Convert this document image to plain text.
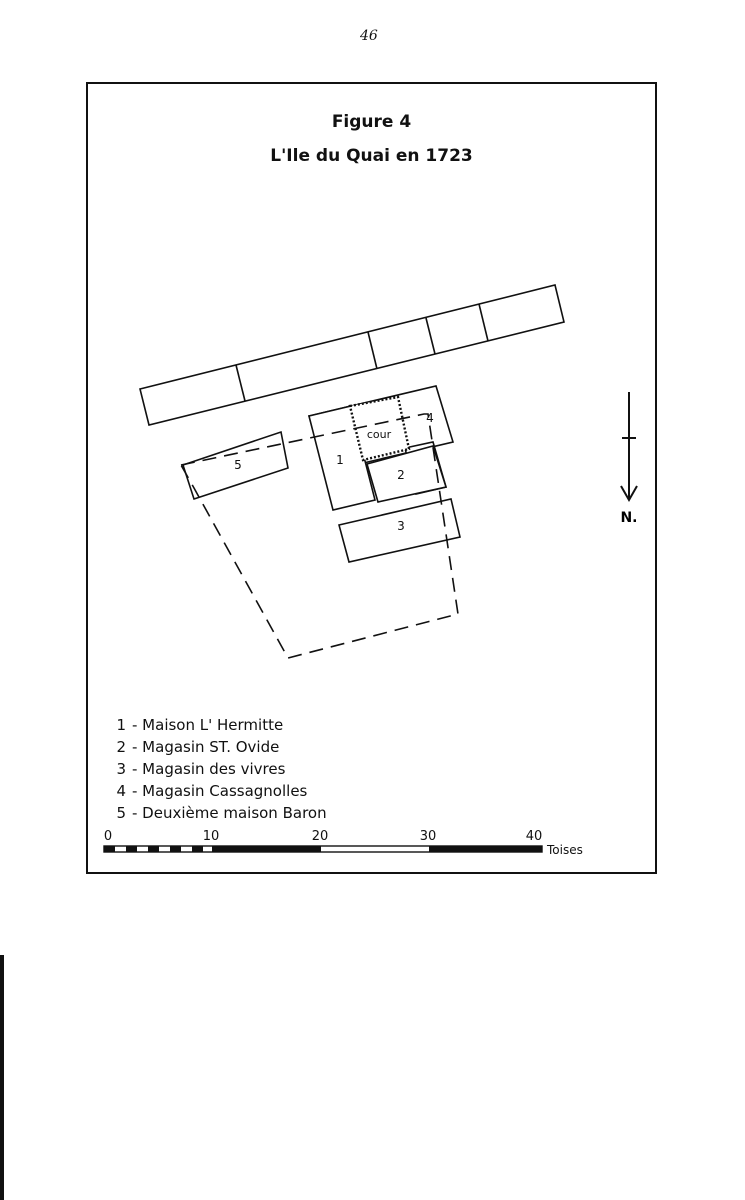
46
Figure 4
L'Ile du Quai en 1723
1
2
3
4
5
cour
N.
1 - Maison L' Hermitte
2 - Magasin ST. Ovide
3 - Magasin des vivres
4 - Magasin Cassagnolles
5 - Deuxième maison Baron
0	10	20	30	40
Toises
